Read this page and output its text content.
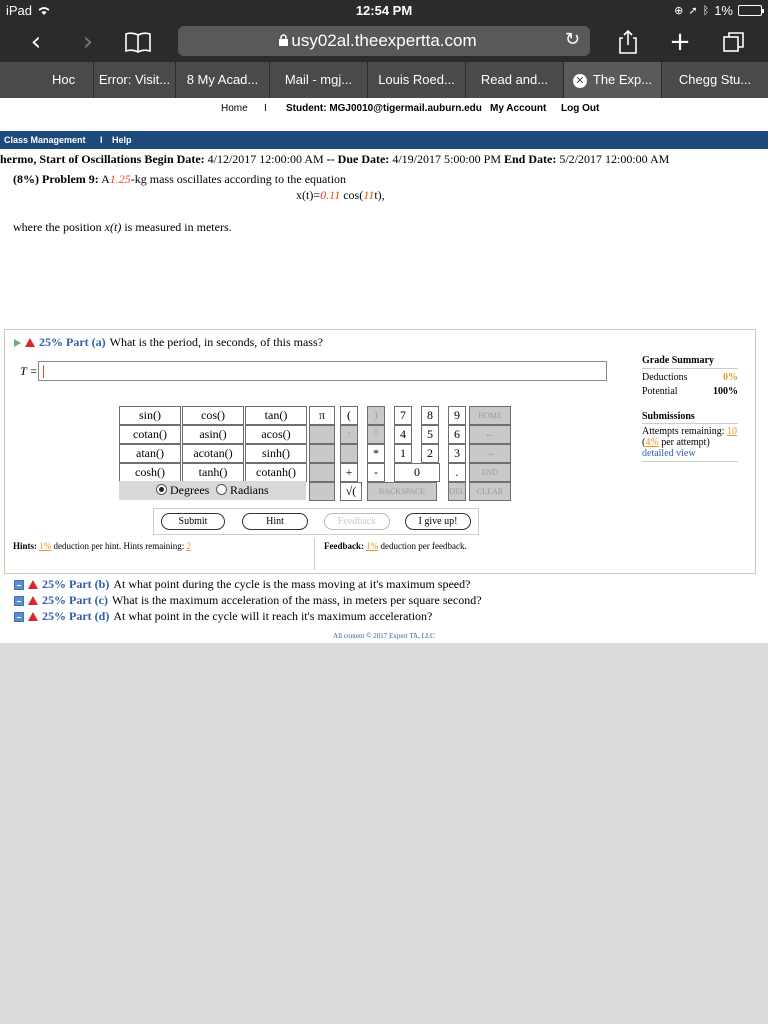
iPad	12:54 PM	⊕ ➚ ᛒ 1%
‹	›	usy02al.theexpertta.com	↻	+
Hoc	Error: Visit...	8 My Acad...	Mail - mgj...	Louis Roed...	Read and...	✕ The Exp...	Chegg Stu...
Home I Student: MGJ0010@tigermail.auburn.edu My Account Log Out
Class Management I Help
hermo, Start of Oscillations Begin Date: 4/12/2017 12:00:00 AM -- Due Date: 4/19/2017 5:00:00 PM End Date: 5/2/2017 12:00:00 AM
(8%) Problem 9: A1.25-kg mass oscillates according to the equation
x(t)=0.11 cos(11t),
where the position x(t) is measured in meters.
25% Part (a) What is the period, in seconds, of this mass?
T =
Grade Summary
Deductions	0%
Potential	100%
Submissions
Attempts remaining: 10
(4% per attempt)
detailed view
sin()	cos()	tan()
cotan()	asin()	acos()
atan()	acotan()	sinh()
cosh()	tanh()	cotanh()
π	(
↑
*
+
√(
)
^
-
7	8	9
4	5	6
1	2	3
0	.
HOME
←
→
END
BACKSPACE	DEL	CLEAR
Degrees	Radians
Submit	Hint	Feedback	I give up!
Hints: 1% deduction per hint. Hints remaining: 2	Feedback: 1% deduction per feedback.
25% Part (b) At what point during the cycle is the mass moving at it's maximum speed?
25% Part (c) What is the maximum acceleration of the mass, in meters per square second?
25% Part (d) At what point in the cycle will it reach it's maximum acceleration?
All content © 2017 Expert TA, LLC
